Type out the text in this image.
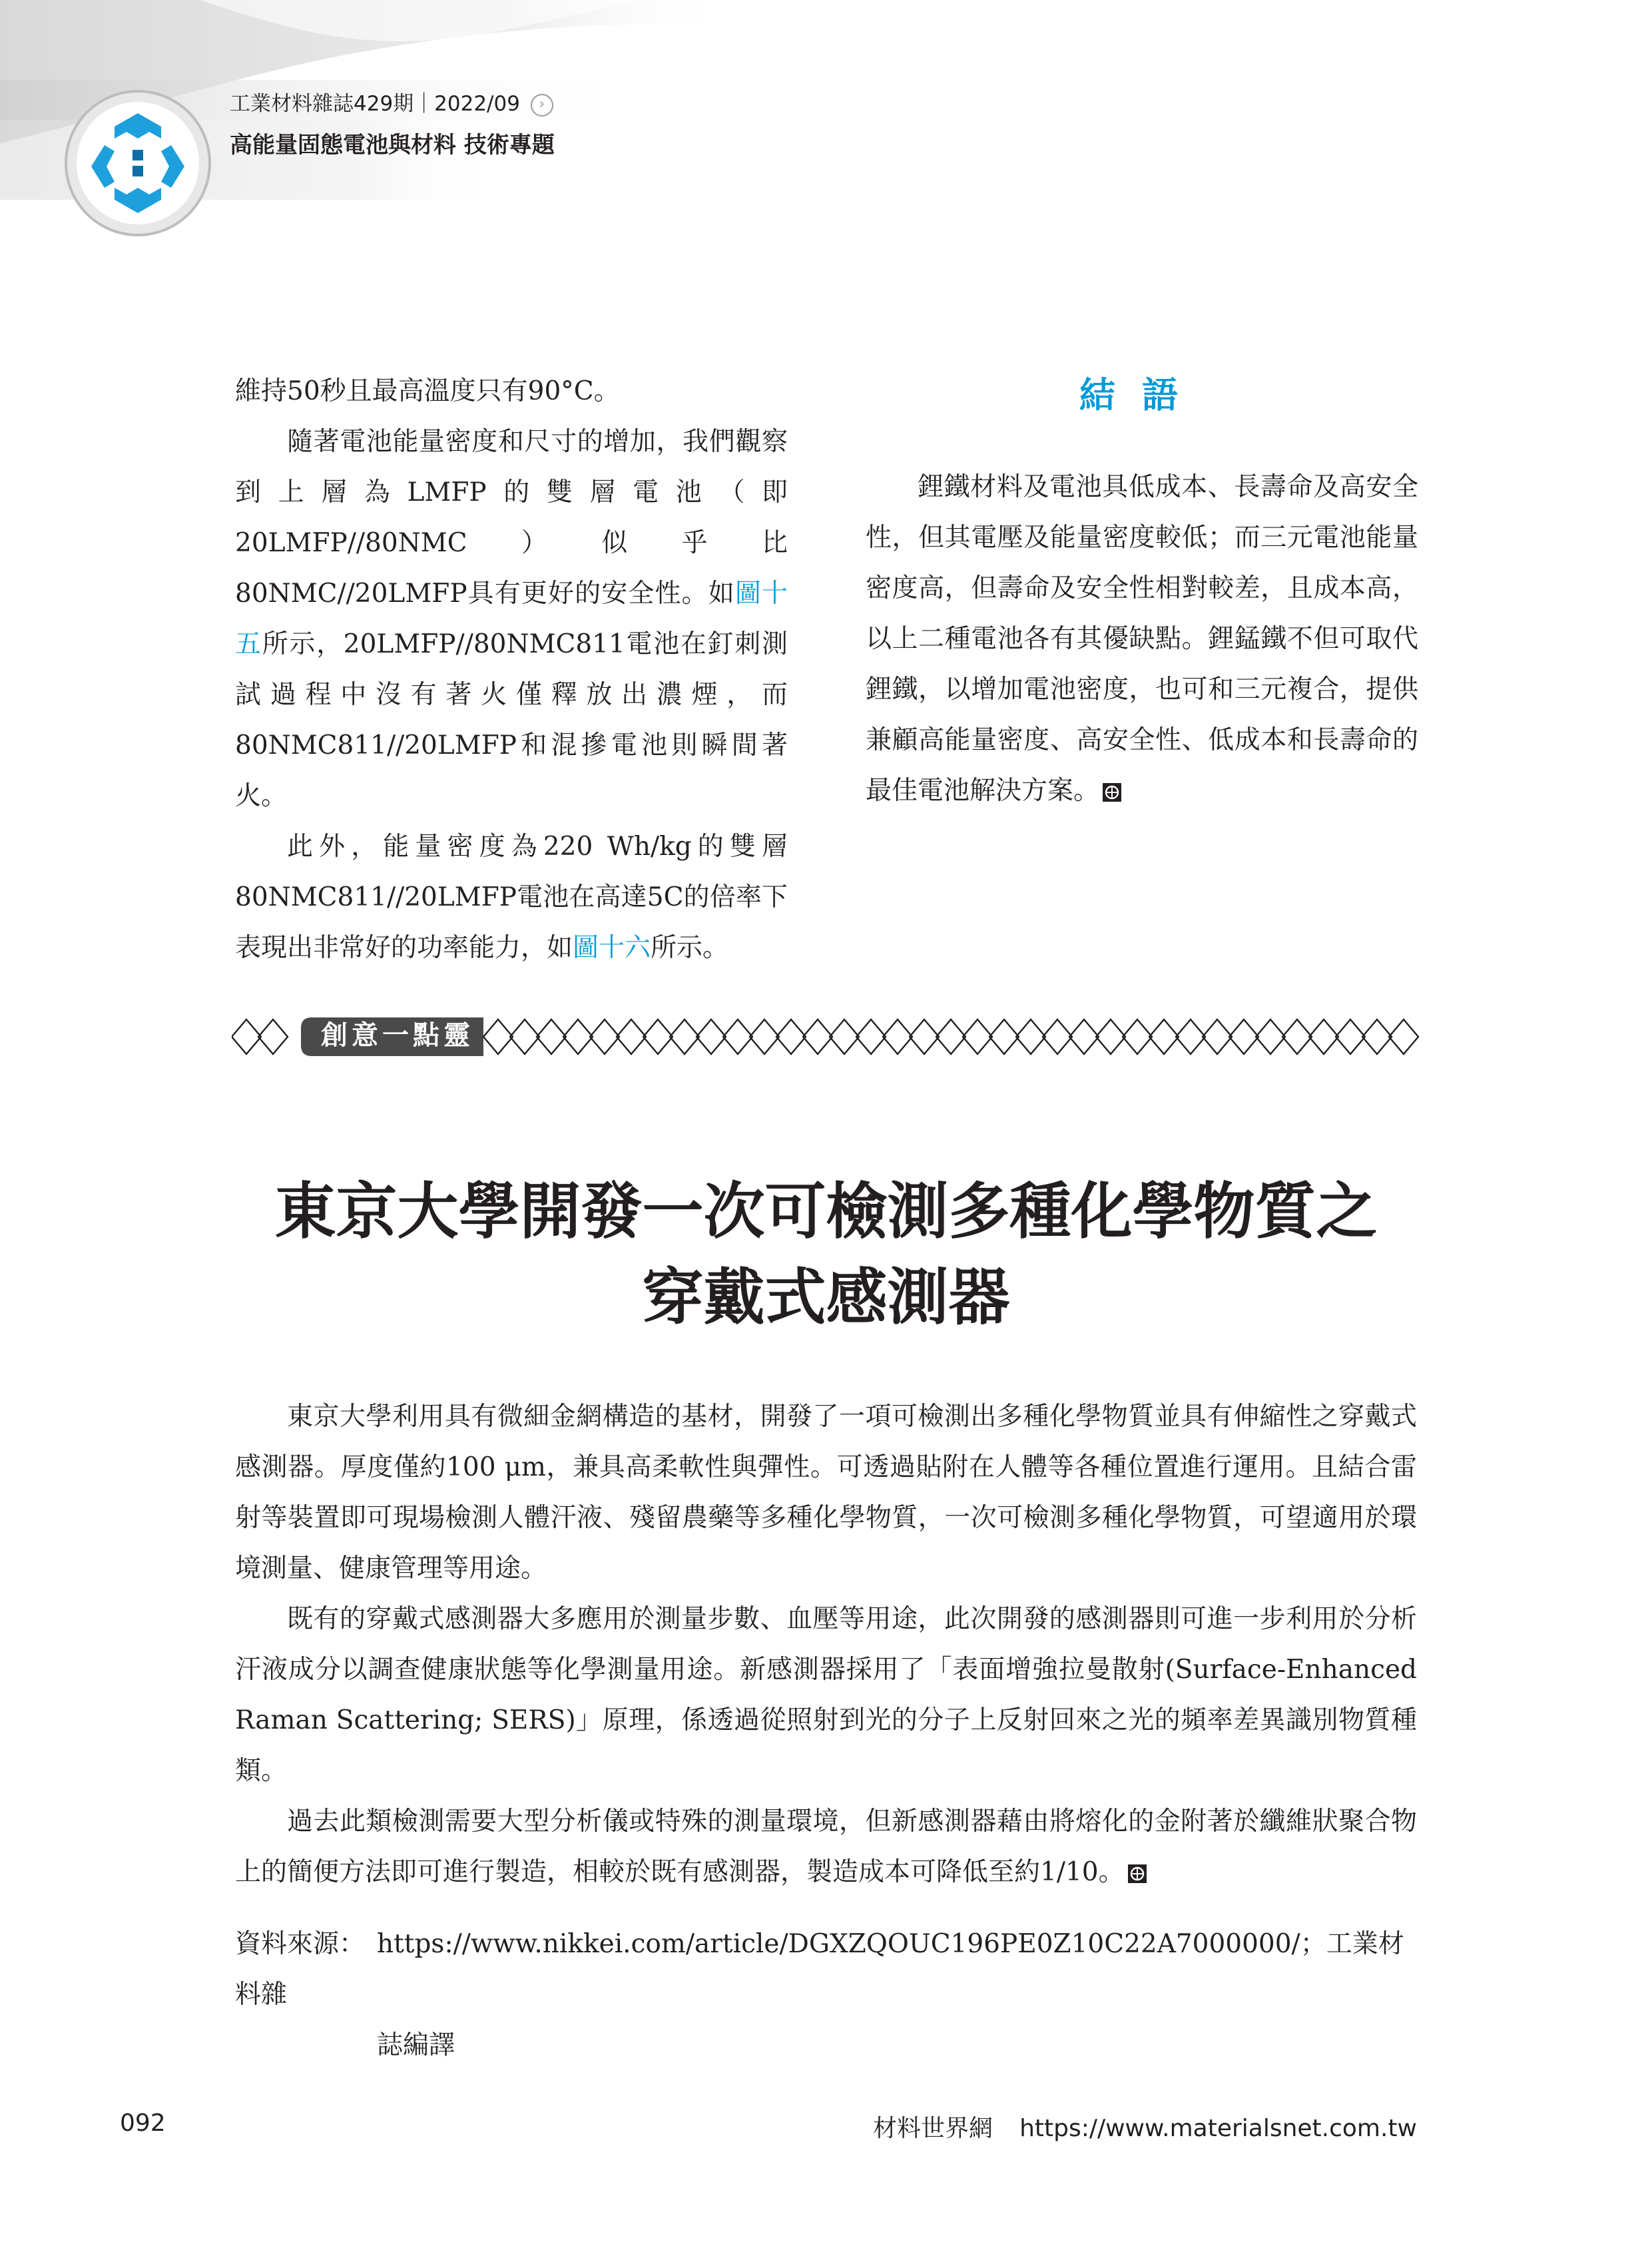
工業材料雜誌429期｜2022/09 ›
高能量固態電池與材料 技術專題

維持50秒且最高溫度只有90°C。

隨著電池能量密度和尺寸的增加，我們觀察到上層為LMFP的雙層電池（即20LMFP//80NMC）似乎比80NMC//20LMFP具有更好的安全性。如圖十五所示，20LMFP//80NMC811電池在釘刺測試過程中沒有著火僅釋放出濃煙，而80NMC811//20LMFP和混摻電池則瞬間著火。

此外，能量密度為220 Wh/kg的雙層80NMC811//20LMFP電池在高達5C的倍率下表現出非常好的功率能力，如圖十六所示。

結語

鋰鐵材料及電池具低成本、長壽命及高安全性，但其電壓及能量密度較低；而三元電池能量密度高，但壽命及安全性相對較差，且成本高，以上二種電池各有其優缺點。鋰錳鐵不但可取代鋰鐵，以增加電池密度，也可和三元複合，提供兼顧高能量密度、高安全性、低成本和長壽命的最佳電池解決方案。

創意一點靈
東京大學開發一次可檢測多種化學物質之
穿戴式感測器

東京大學利用具有微細金網構造的基材，開發了一項可檢測出多種化學物質並具有伸縮性之穿戴式感測器。厚度僅約100 μm，兼具高柔軟性與彈性。可透過貼附在人體等各種位置進行運用。且結合雷射等裝置即可現場檢測人體汗液、殘留農藥等多種化學物質，一次可檢測多種化學物質，可望適用於環境測量、健康管理等用途。

既有的穿戴式感測器大多應用於測量步數、血壓等用途，此次開發的感測器則可進一步利用於分析汗液成分以調查健康狀態等化學測量用途。新感測器採用了「表面增強拉曼散射(Surface-Enhanced Raman Scattering; SERS)」原理，係透過從照射到光的分子上反射回來之光的頻率差異識別物質種類。

過去此類檢測需要大型分析儀或特殊的測量環境，但新感測器藉由將熔化的金附著於纖維狀聚合物上的簡便方法即可進行製造，相較於既有感測器，製造成本可降低至約1/10。

資料來源： https://www.nikkei.com/article/DGXZQOUC196PE0Z10C22A7000000/；工業材料雜
誌編譯
092	材料世界網 https://www.materialsnet.com.tw
